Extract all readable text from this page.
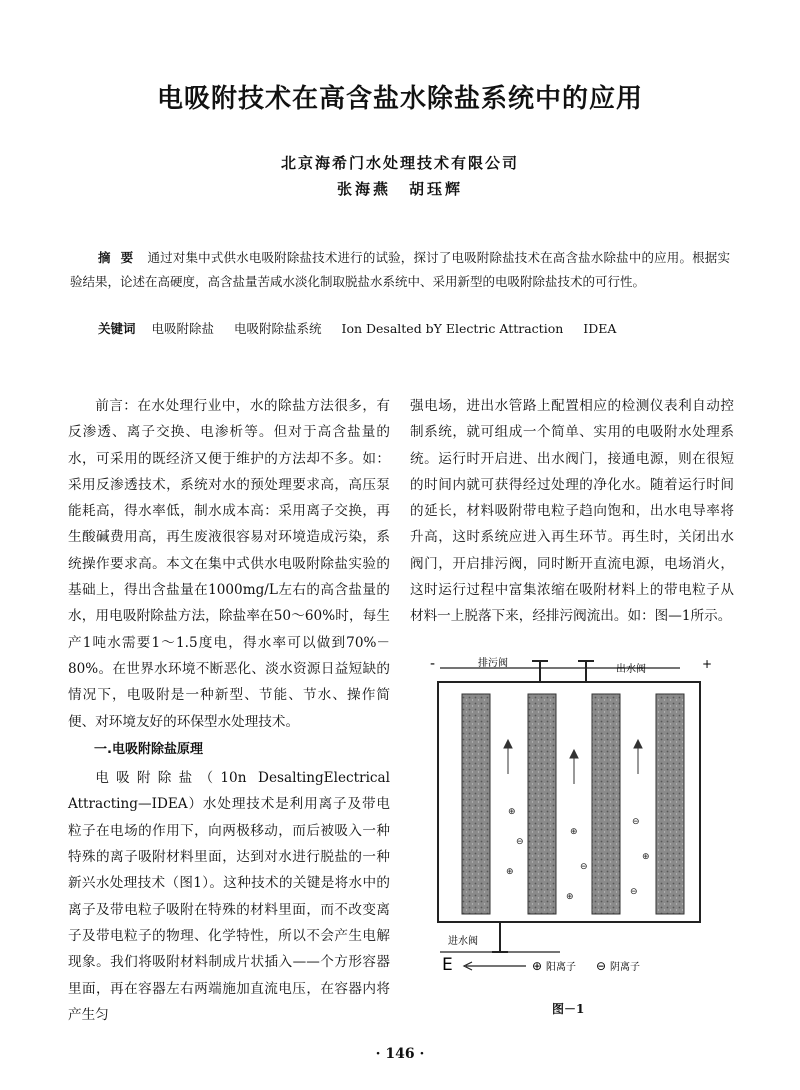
电吸附技术在高含盐水除盐系统中的应用
北京海希门水处理技术有限公司
张海燕　胡珏辉
摘要 通过对集中式供水电吸附除盐技术进行的试验，探讨了电吸附除盐技术在高含盐水除盐中的应用。根据实验结果，论述在高硬度，高含盐量苦咸水淡化制取脱盐水系统中、采用新型的电吸附除盐技术的可行性。
关键词 电吸附除盐 电吸附除盐系统 Ion Desalted bY Electric Attraction IDEA

前言：在水处理行业中，水的除盐方法很多，有反渗透、离子交换、电渗析等。但对于高含盐量的水，可采用的既经济又便于维护的方法却不多。如：采用反渗透技术，系统对水的预处理要求高，高压泵能耗高，得水率低，制水成本高：采用离子交换，再生酸碱费用高，再生废液很容易对环境造成污染，系统操作要求高。本文在集中式供水电吸附除盐实验的基础上，得出含盐量在1000mg/L左右的高含盐量的水，用电吸附除盐方法，除盐率在50～60%时，每生产1吨水需要1～1.5度电，得水率可以做到70%－80%。在世界水环境不断恶化、淡水资源日益短缺的情况下，电吸附是一种新型、节能、节水、操作简便、对环境友好的环保型水处理技术。

一.电吸附除盐原理

电吸附除盐（10n DesaltingElectrical Attracting—IDEA）水处理技术是利用离子及带电粒子在电场的作用下，向两极移动，而后被吸入一种特殊的离子吸附材料里面，达到对水进行脱盐的一种新兴水处理技术（图1）。这种技术的关键是将水中的离子及带电粒子吸附在特殊的材料里面，而不改变离子及带电粒子的物理、化学特性，所以不会产生电解现象。我们将吸附材料制成片状插入——个方形容器里面，再在容器左右两端施加直流电压，在容器内将产生匀

强电场，进出水管路上配置相应的检测仪表利自动控制系统，就可组成一个简单、实用的电吸附水处理系统。运行时开启进、出水阀门，接通电源，则在很短的时间内就可获得经过处理的净化水。随着运行时间的延长，材料吸附带电粒子趋向饱和，出水电导率将升高，这时系统应进入再生环节。再生时，关闭出水阀门，开启排污阀，同时断开直流电源，电场消火，这时运行过程中富集浓缩在吸附材料上的带电粒子从材料一上脱落下来，经排污阀流出。如：图—1所示。

排污阀
出水阀
-	+
⊕
⊖
⊕
⊕
⊖
⊕
⊖
⊕
⊖
进水阀
E	⊕ 阳离子 ⊖ 阴离子
图－1
· 146 ·
